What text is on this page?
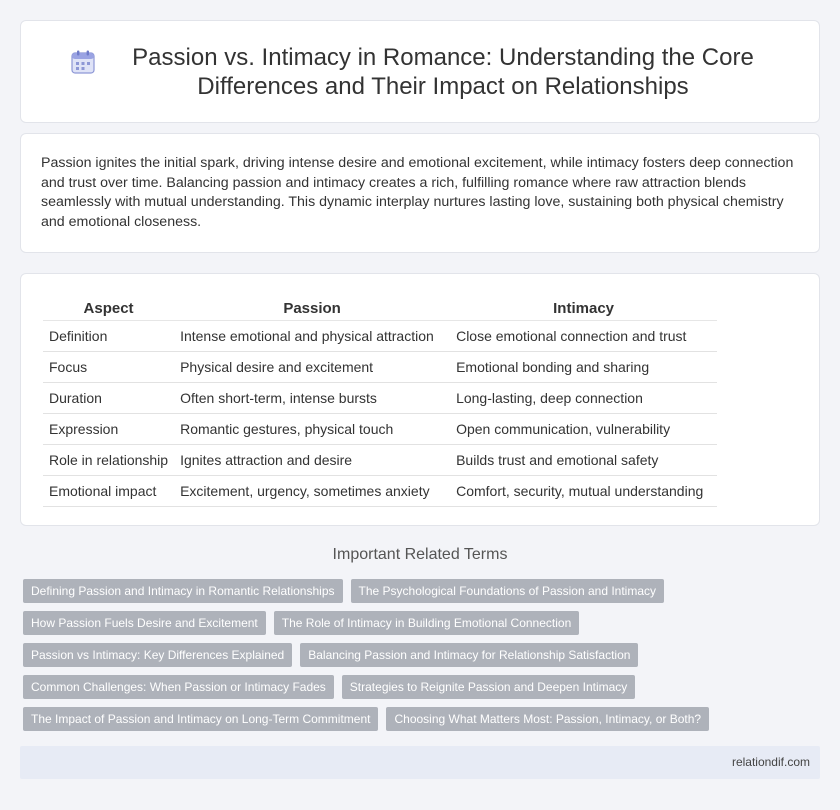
Passion vs. Intimacy in Romance: Understanding the Core Differences and Their Impact on Relationships

Passion ignites the initial spark, driving intense desire and emotional excitement, while intimacy fosters deep connection and trust over time. Balancing passion and intimacy creates a rich, fulfilling romance where raw attraction blends seamlessly with mutual understanding. This dynamic interplay nurtures lasting love, sustaining both physical chemistry and emotional closeness.

Aspect	Passion	Intimacy
Definition	Intense emotional and physical attraction	Close emotional connection and trust
Focus	Physical desire and excitement	Emotional bonding and sharing
Duration	Often short-term, intense bursts	Long-lasting, deep connection
Expression	Romantic gestures, physical touch	Open communication, vulnerability
Role in relationship	Ignites attraction and desire	Builds trust and emotional safety
Emotional impact	Excitement, urgency, sometimes anxiety	Comfort, security, mutual understanding
Important Related Terms
Defining Passion and Intimacy in Romantic Relationships	The Psychological Foundations of Passion and Intimacy
How Passion Fuels Desire and Excitement	The Role of Intimacy in Building Emotional Connection
Passion vs Intimacy: Key Differences Explained	Balancing Passion and Intimacy for Relationship Satisfaction
Common Challenges: When Passion or Intimacy Fades	Strategies to Reignite Passion and Deepen Intimacy
The Impact of Passion and Intimacy on Long-Term Commitment	Choosing What Matters Most: Passion, Intimacy, or Both?
relationdif.com
